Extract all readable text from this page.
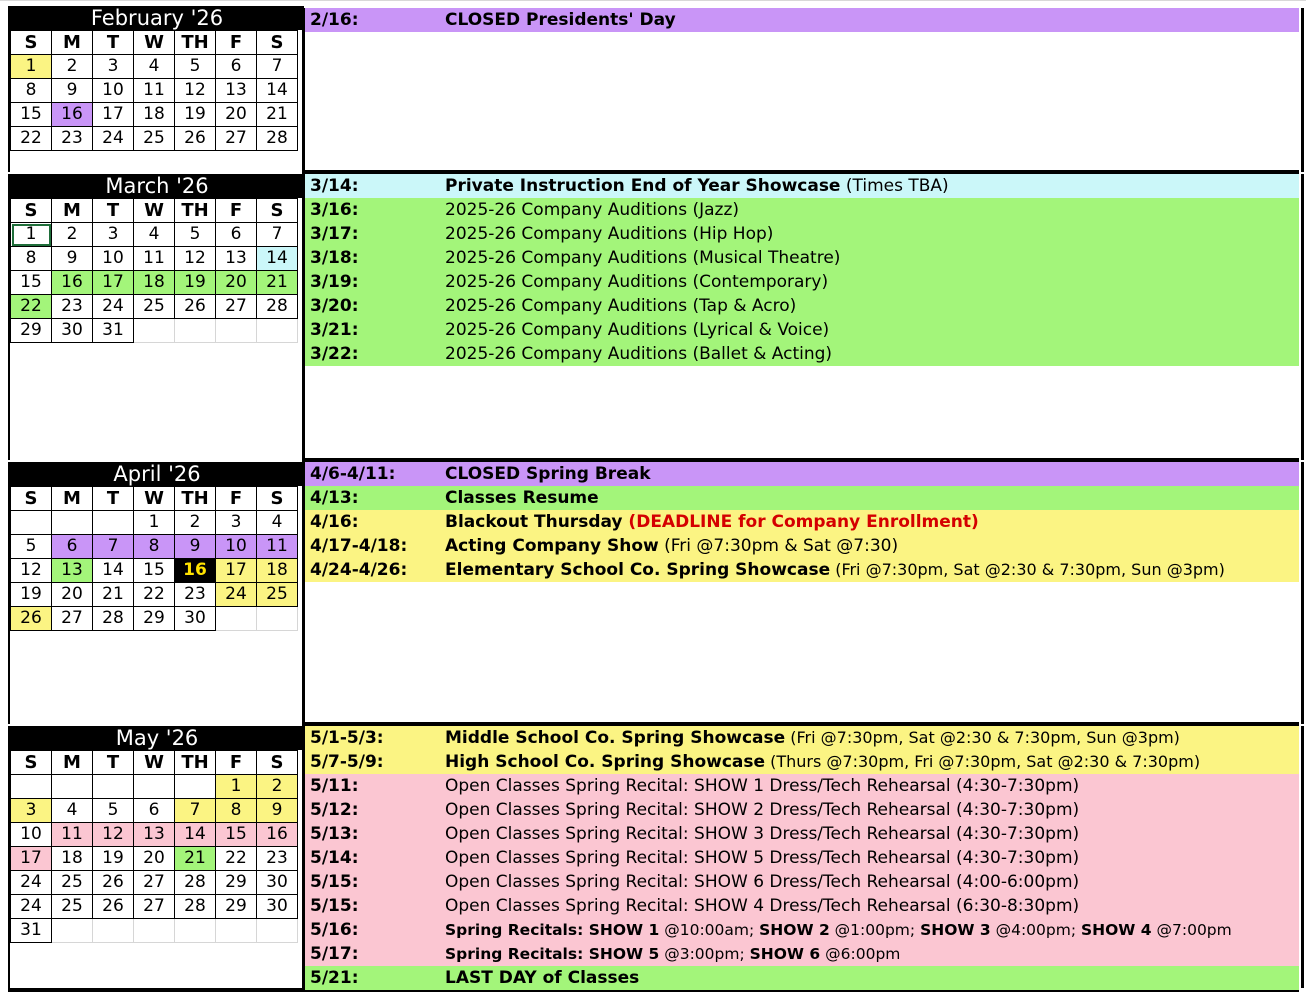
February '26
S	M	T	W	TH	F	S
1	2	3	4	5	6	7
8	9	10	11	12	13	14
15	16	17	18	19	20	21
22	23	24	25	26	27	28
March '26
S	M	T	W	TH	F	S
1	2	3	4	5	6	7
8	9	10	11	12	13	14
15	16	17	18	19	20	21
22	23	24	25	26	27	28
29	30	31				
April '26
S	M	T	W	TH	F	S
			1	2	3	4
5	6	7	8	9	10	11
12	13	14	15	16	17	18
19	20	21	22	23	24	25
26	27	28	29	30		
May '26
S	M	T	W	TH	F	S
					1	2
3	4	5	6	7	8	9
10	11	12	13	14	15	16
17	18	19	20	21	22	23
24	25	26	27	28	29	30
24	25	26	27	28	29	30
31						
2/16:	CLOSED Presidents' Day
3/14:	Private Instruction End of Year Showcase (Times TBA)
3/16:	2025-26 Company Auditions (Jazz)
3/17:	2025-26 Company Auditions (Hip Hop)
3/18:	2025-26 Company Auditions (Musical Theatre)
3/19:	2025-26 Company Auditions (Contemporary)
3/20:	2025-26 Company Auditions (Tap & Acro)
3/21:	2025-26 Company Auditions (Lyrical & Voice)
3/22:	2025-26 Company Auditions (Ballet & Acting)
4/6-4/11:	CLOSED Spring Break
4/13:	Classes Resume
4/16:	Blackout Thursday (DEADLINE for Company Enrollment)
4/17-4/18: Acting Company Show (Fri @7:30pm & Sat @7:30)
4/24-4/26: Elementary School Co. Spring Showcase (Fri @7:30pm, Sat @2:30 & 7:30pm, Sun @3pm)
5/1-5/3:	Middle School Co. Spring Showcase (Fri @7:30pm, Sat @2:30 & 7:30pm, Sun @3pm)
5/7-5/9:	High School Co. Spring Showcase (Thurs @7:30pm, Fri @7:30pm, Sat @2:30 & 7:30pm)
5/11:	Open Classes Spring Recital: SHOW 1 Dress/Tech Rehearsal (4:30-7:30pm)
5/12:	Open Classes Spring Recital: SHOW 2 Dress/Tech Rehearsal (4:30-7:30pm)
5/13:	Open Classes Spring Recital: SHOW 3 Dress/Tech Rehearsal (4:30-7:30pm)
5/14:	Open Classes Spring Recital: SHOW 5 Dress/Tech Rehearsal (4:30-7:30pm)
5/15:	Open Classes Spring Recital: SHOW 6 Dress/Tech Rehearsal (4:00-6:00pm)
5/15:	Open Classes Spring Recital: SHOW 4 Dress/Tech Rehearsal (6:30-8:30pm)
5/16:	Spring Recitals: SHOW 1 @10:00am; SHOW 2 @1:00pm; SHOW 3 @4:00pm; SHOW 4 @7:00pm
5/17:	Spring Recitals: SHOW 5 @3:00pm; SHOW 6 @6:00pm
5/21:	LAST DAY of Classes
